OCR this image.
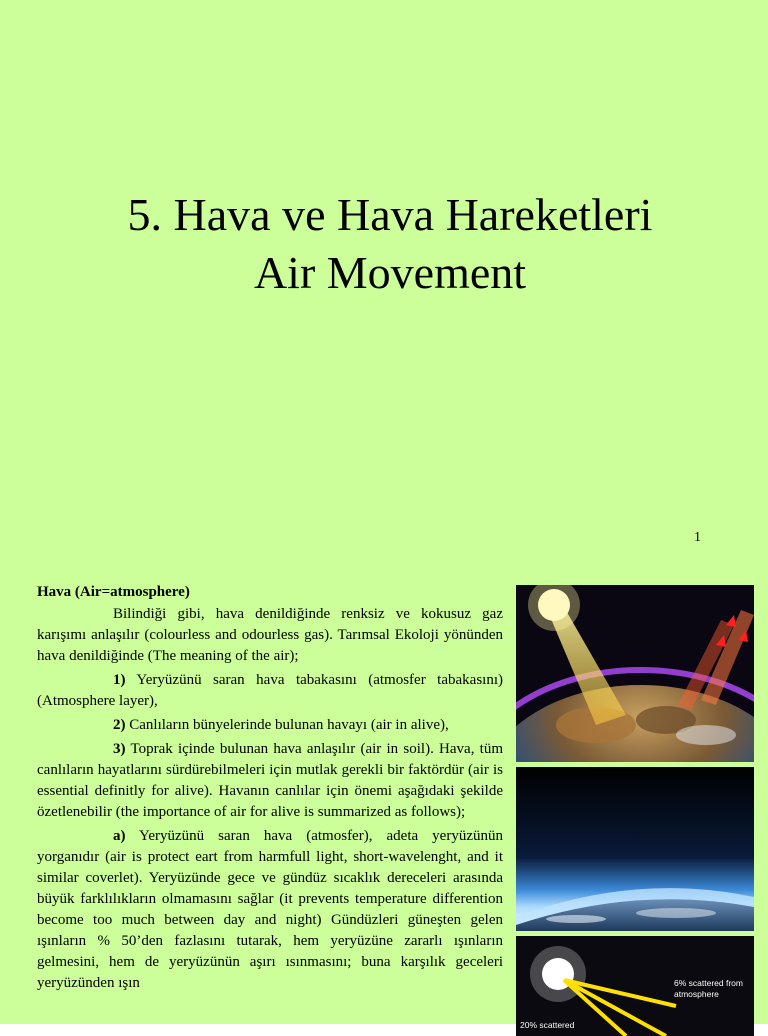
5. Hava ve Hava Hareketleri
Air Movement
1

Hava (Air=atmosphere)

Bilindiği gibi, hava denildiğinde renksiz ve kokusuz gaz karışımı anlaşılır (colourless and odourless gas). Tarımsal Ekoloji yönünden hava denildiğinde (The meaning of the air);

1) Yeryüzünü saran hava tabakasını (atmosfer tabakasını)(Atmosphere layer),

2) Canlıların bünyelerinde bulunan havayı (air in alive),

3) Toprak içinde bulunan hava anlaşılır (air in soil). Hava, tüm canlıların hayatlarını sürdürebilmeleri için mutlak gerekli bir faktördür (air is essential definitly for alive). Havanın canlılar için önemi aşağıdaki şekilde özetlenebilir (the importance of air for alive is summarized as follows);

a) Yeryüzünü saran hava (atmosfer), adeta yeryüzünün yorganıdır (air is protect eart from harmfull light, short-wavelenght, and it similar coverlet). Yeryüzünde gece ve gündüz sıcaklık dereceleri arasında büyük farklılıkların olmamasını sağlar (it prevents temperature differention become too much between day and night) Gündüzleri güneşten gelen ışınların % 50’den fazlasını tutarak, hem yeryüzüne zararlı ışınların gelmesini, hem de yeryüzünün aşırı ısınmasını; buna karşılık geceleri yeryüzünden ışın	6% scattered from
atmosphere
20% scattered
